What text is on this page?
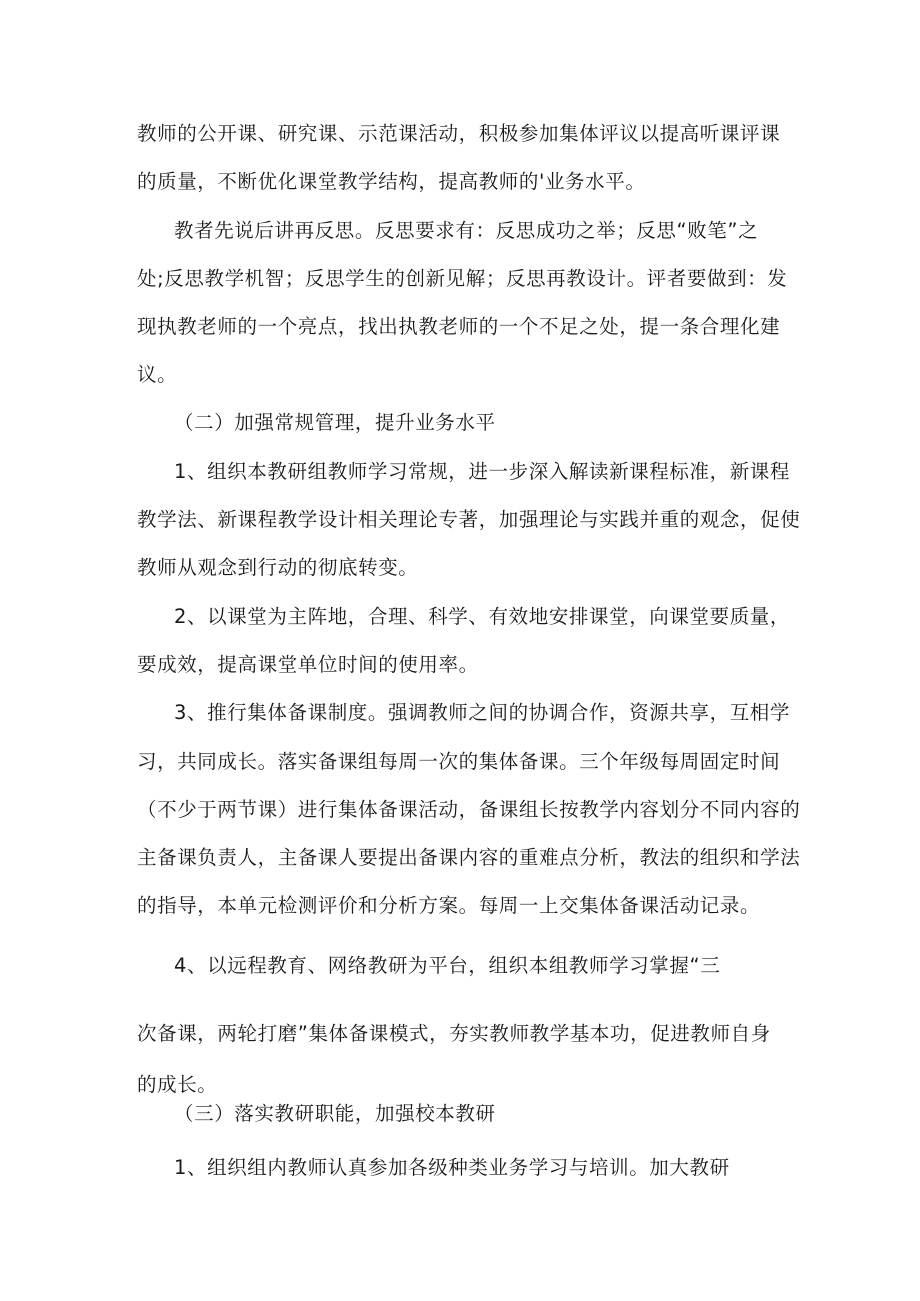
教师的公开课、研究课、示范课活动，积极参加集体评议以提高听课评课
的质量，不断优化课堂教学结构，提高教师的'业务水平。
教者先说后讲再反思。反思要求有：反思成功之举；反思“败笔”之
处;反思教学机智；反思学生的创新见解；反思再教设计。评者要做到：发
现执教老师的一个亮点，找出执教老师的一个不足之处，提一条合理化建
议。
（二）加强常规管理，提升业务水平
1、组织本教研组教师学习常规，进一步深入解读新课程标准，新课程
教学法、新课程教学设计相关理论专著，加强理论与实践并重的观念，促使
教师从观念到行动的彻底转变。
2、以课堂为主阵地，合理、科学、有效地安排课堂，向课堂要质量，
要成效，提高课堂单位时间的使用率。
3、推行集体备课制度。强调教师之间的协调合作，资源共享，互相学
习，共同成长。落实备课组每周一次的集体备课。三个年级每周固定时间
（不少于两节课）进行集体备课活动，备课组长按教学内容划分不同内容的
主备课负责人，主备课人要提出备课内容的重难点分析，教法的组织和学法
的指导，本单元检测评价和分析方案。每周一上交集体备课活动记录。
4、以远程教育、网络教研为平台，组织本组教师学习掌握“三
次备课，两轮打磨”集体备课模式，夯实教师教学基本功，促进教师自身
的成长。
（三）落实教研职能，加强校本教研
1、组织组内教师认真参加各级种类业务学习与培训。加大教研
